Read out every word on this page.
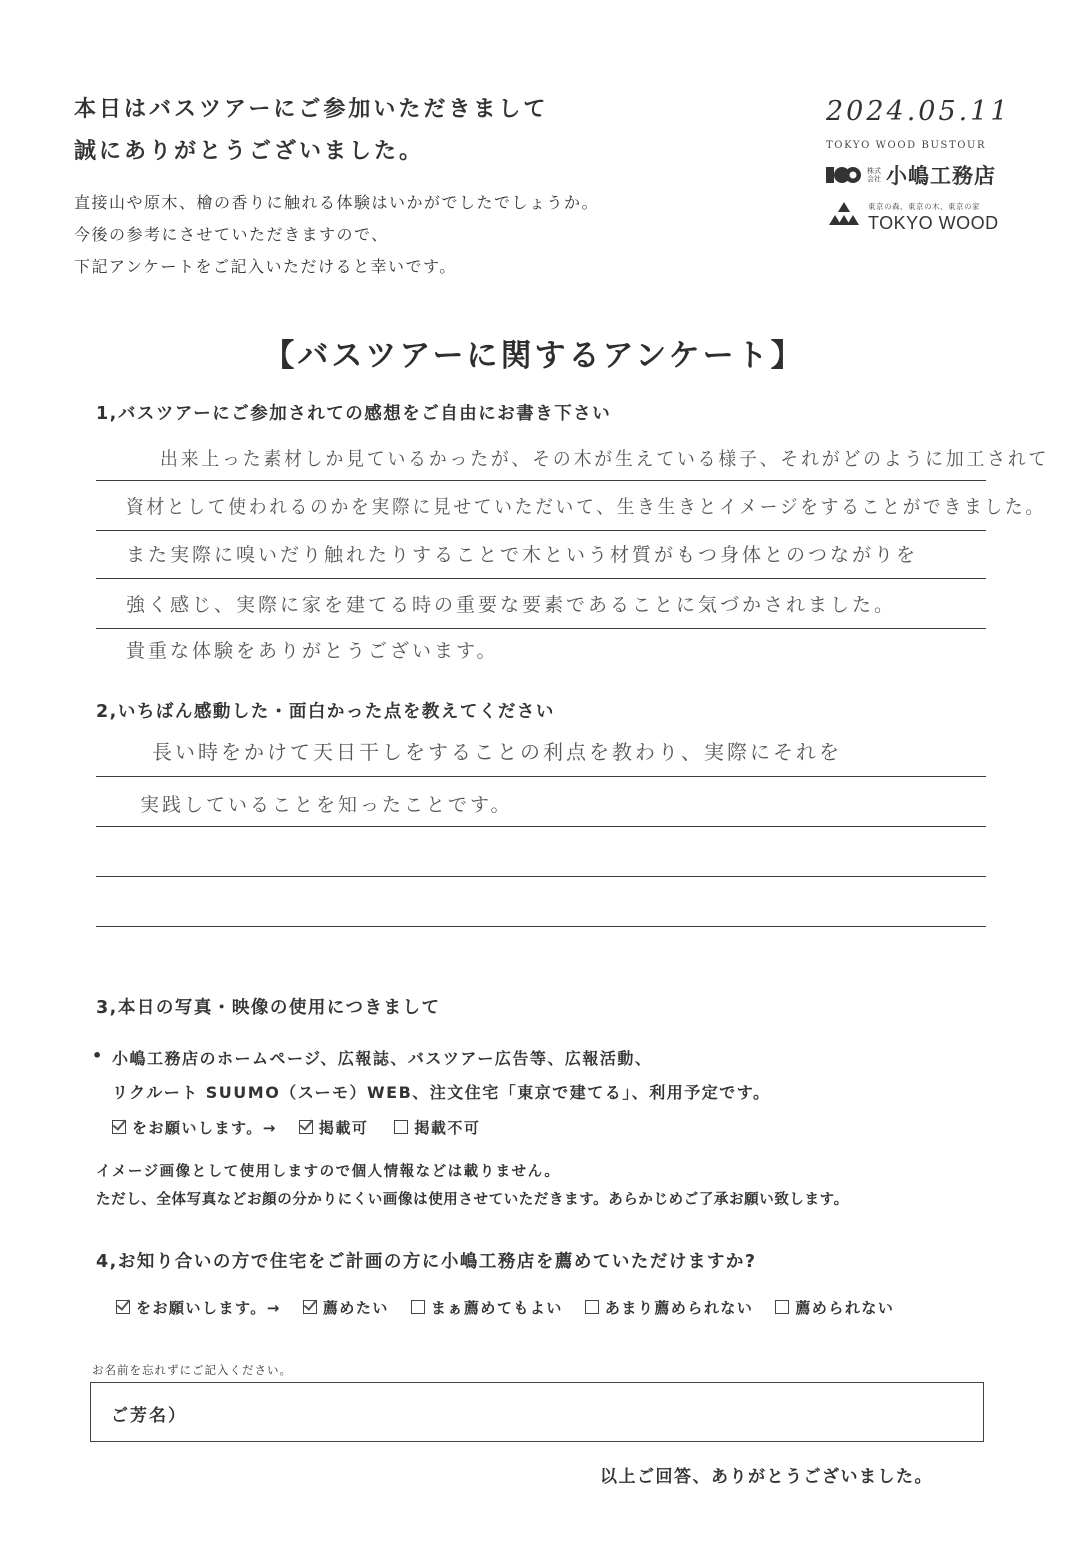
本日はバスツアーにご参加いただきまして
誠にありがとうございました。
直接山や原木、檜の香りに触れる体験はいかがでしたでしょうか。
今後の参考にさせていただきますので、
下記アンケートをご記入いただけると幸いです。
2024.05.11
TOKYO WOOD BUSTOUR
株式会社 小嶋工務店
東京の森、東京の木、東京の家
TOKYO WOOD
【バスツアーに関するアンケート】
1,バスツアーにご参加されての感想をご自由にお書き下さい
出来上った素材しか見ているかったが、その木が生えている様子、それがどのように加工されて
資材として使われるのかを実際に見せていただいて、生き生きとイメージをすることができました。
また実際に嗅いだり触れたりすることで木という材質がもつ身体とのつながりを
強く感じ、実際に家を建てる時の重要な要素であることに気づかされました。
貴重な体験をありがとうございます。
2,いちばん感動した・面白かった点を教えてください
長い時をかけて天日干しをすることの利点を教わり、実際にそれを
実践していることを知ったことです。
3,本日の写真・映像の使用につきまして
• 小嶋工務店のホームページ、広報誌、バスツアー広告等、広報活動、
リクルート SUUMO（スーモ）WEB、注文住宅「東京で建てる」、利用予定です。
をお願いします。→	掲載可	掲載不可
イメージ画像として使用しますので個人情報などは載りません。
ただし、全体写真などお顔の分かりにくい画像は使用させていただきます。あらかじめご了承お願い致します。
4,お知り合いの方で住宅をご計画の方に小嶋工務店を薦めていただけますか?
をお願いします。→	薦めたい	まぁ薦めてもよい	あまり薦められない	薦められない
お名前を忘れずにご記入ください。
ご芳名）
以上ご回答、ありがとうございました。
